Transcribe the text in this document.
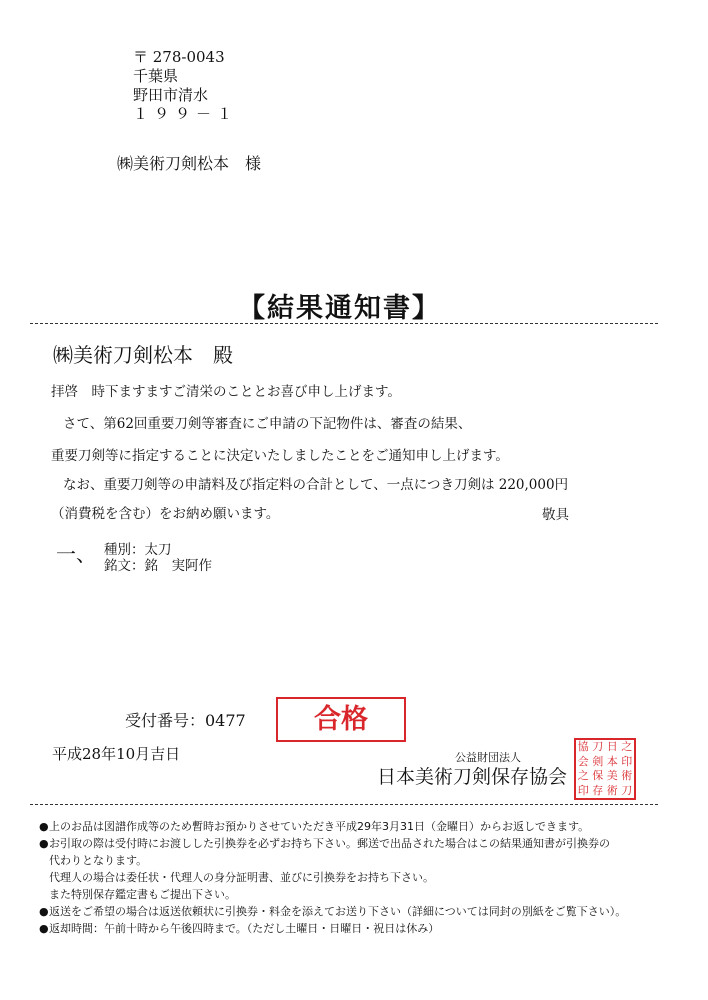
〒 278-0043
千葉県
野田市清水
１９９－１
㈱美術刀剣松本　様
【結果通知書】
㈱美術刀剣松本　殿
拝啓　時下ますますご清栄のこととお喜び申し上げます。
さて、第62回重要刀剣等審査にご申請の下記物件は、審査の結果、
重要刀剣等に指定することに決定いたしましたことをご通知申し上げます。
なお、重要刀剣等の申請料及び指定料の合計として、一点につき刀剣は 220,000円
（消費税を含む）をお納め願います。	敬具
一、 種別：太刀
銘文：銘　実阿作
受付番号：0477	合格
平成28年10月吉日	公益財団法人
日本美術刀剣保存協会
協 刀 日 之
会 剣 本 印
之 保 美 術
印 存 術 刀
● 上のお品は図譜作成等のため暫時お預かりさせていただき平成29年3月31日（金曜日）からお返しできます。
● お引取の際は受付時にお渡しした引換券を必ずお持ち下さい。郵送で出品された場合はこの結果通知書が引換券の
代わりとなります。
代理人の場合は委任状・代理人の身分証明書、並びに引換券をお持ち下さい。
また特別保存鑑定書もご提出下さい。
● 返送をご希望の場合は返送依頼状に引換券・料金を添えてお送り下さい（詳細については同封の別紙をご覧下さい）。
● 返却時間：午前十時から午後四時まで。（ただし土曜日・日曜日・祝日は休み）
